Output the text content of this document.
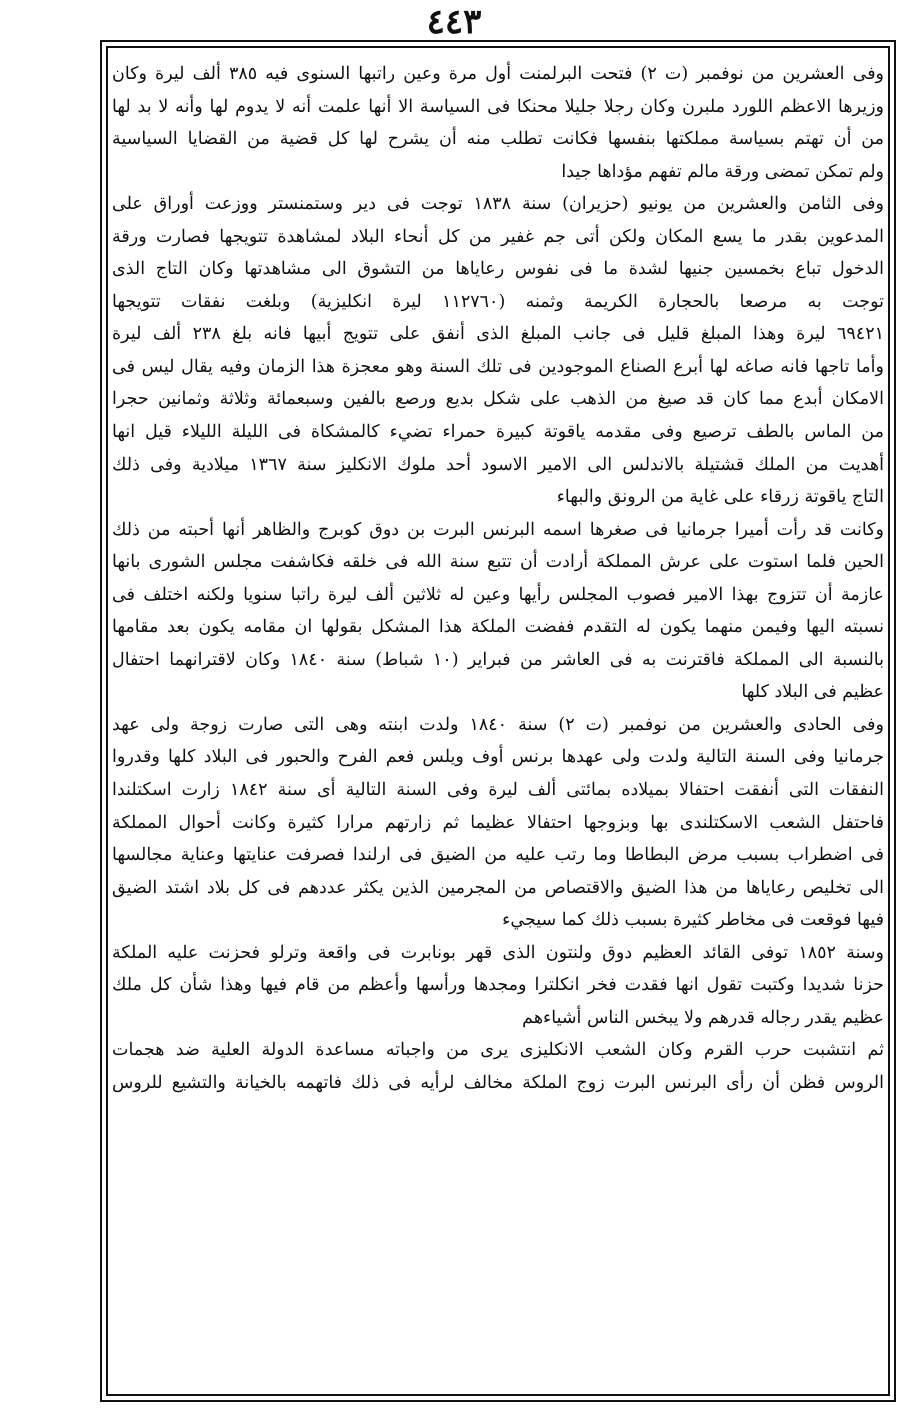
٤٤٣
وفى العشرين من نوفمبر (ت ٢) فتحت البرلمنت أول مرة وعين راتبها السنوى فيه ٣٨٥ ألف ليرة وكان
وزيرها الاعظم اللورد ملبرن وكان رجلا جليلا محنكا فى السياسة الا أنها علمت أنه لا يدوم لها وأنه لا بد لها
من أن تهتم بسياسة مملكتها بنفسها فكانت تطلب منه أن يشرح لها كل قضية من القضايا السياسية
ولم تمكن تمضى ورقة مالم تفهم مؤداها جيدا
وفى الثامن والعشرين من يونيو (حزيران) سنة ١٨٣٨ توجت فى دير وستمنستر ووزعت أوراق على
المدعوين بقدر ما يسع المكان ولكن أتى جم غفير من كل أنحاء البلاد لمشاهدة تتويجها فصارت ورقة
الدخول تباع بخمسين جنيها لشدة ما فى نفوس رعاياها من التشوق الى مشاهدتها وكان التاج الذى
توجت به مرصعا بالحجارة الكريمة وثمنه (١١٢٧٦٠ ليرة انكليزية) وبلغت نفقات تتويجها
٦٩٤٢١ ليرة وهذا المبلغ قليل فى جانب المبلغ الذى أنفق على تتويج أبيها فانه بلغ ٢٣٨ ألف ليرة
وأما تاجها فانه صاغه لها أبرع الصناع الموجودين فى تلك السنة وهو معجزة هذا الزمان وفيه يقال ليس فى
الامكان أبدع مما كان قد صيغ من الذهب على شكل بديع ورصع بالفين وسبعمائة وثلاثة وثمانين حجرا
من الماس بالطف ترصيع وفى مقدمه ياقوتة كبيرة حمراء تضيء كالمشكاة فى الليلة الليلاء قيل انها
أهديت من الملك قشتيلة بالاندلس الى الامير الاسود أحد ملوك الانكليز سنة ١٣٦٧ ميلادية وفى ذلك
التاج ياقوتة زرقاء على غاية من الرونق والبهاء
وكانت قد رأت أميرا جرمانيا فى صغرها اسمه البرنس البرت بن دوق كوبرج والظاهر أنها أحبته من ذلك
الحين فلما استوت على عرش المملكة أرادت أن تتبع سنة الله فى خلقه فكاشفت مجلس الشورى بانها
عازمة أن تتزوج بهذا الامير فصوب المجلس رأيها وعين له ثلاثين ألف ليرة راتبا سنويا ولكنه اختلف فى
نسبته اليها وفيمن منهما يكون له التقدم ففضت الملكة هذا المشكل بقولها ان مقامه يكون بعد مقامها
بالنسبة الى المملكة فاقترنت به فى العاشر من فبراير (١٠ شباط) سنة ١٨٤٠ وكان لاقترانهما احتفال
عظيم فى البلاد كلها
وفى الحادى والعشرين من نوفمبر (ت ٢) سنة ١٨٤٠ ولدت ابنته وهى التى صارت زوجة ولى عهد
جرمانيا وفى السنة التالية ولدت ولى عهدها برنس أوف ويلس فعم الفرح والحبور فى البلاد كلها وقدروا
النفقات التى أنفقت احتفالا بميلاده بمائتى ألف ليرة وفى السنة التالية أى سنة ١٨٤٢ زارت اسكتلندا
فاحتفل الشعب الاسكتلندى بها وبزوجها احتفالا عظيما ثم زارتهم مرارا كثيرة وكانت أحوال المملكة
فى اضطراب بسبب مرض البطاطا وما رتب عليه من الضيق فى ارلندا فصرفت عنايتها وعناية مجالسها
الى تخليص رعاياها من هذا الضيق والاقتصاص من المجرمين الذين يكثر عددهم فى كل بلاد اشتد الضيق
فيها فوقعت فى مخاطر كثيرة بسبب ذلك كما سيجيء
وسنة ١٨٥٢ توفى القائد العظيم دوق ولنتون الذى قهر بونابرت فى واقعة وترلو فحزنت عليه الملكة
حزنا شديدا وكتبت تقول انها فقدت فخر انكلترا ومجدها ورأسها وأعظم من قام فيها وهذا شأن كل ملك
عظيم يقدر رجاله قدرهم ولا يبخس الناس أشياءهم
ثم انتشبت حرب القرم وكان الشعب الانكليزى يرى من واجباته مساعدة الدولة العلية ضد هجمات
الروس فظن أن رأى البرنس البرت زوج الملكة مخالف لرأيه فى ذلك فاتهمه بالخيانة والتشيع للروس
